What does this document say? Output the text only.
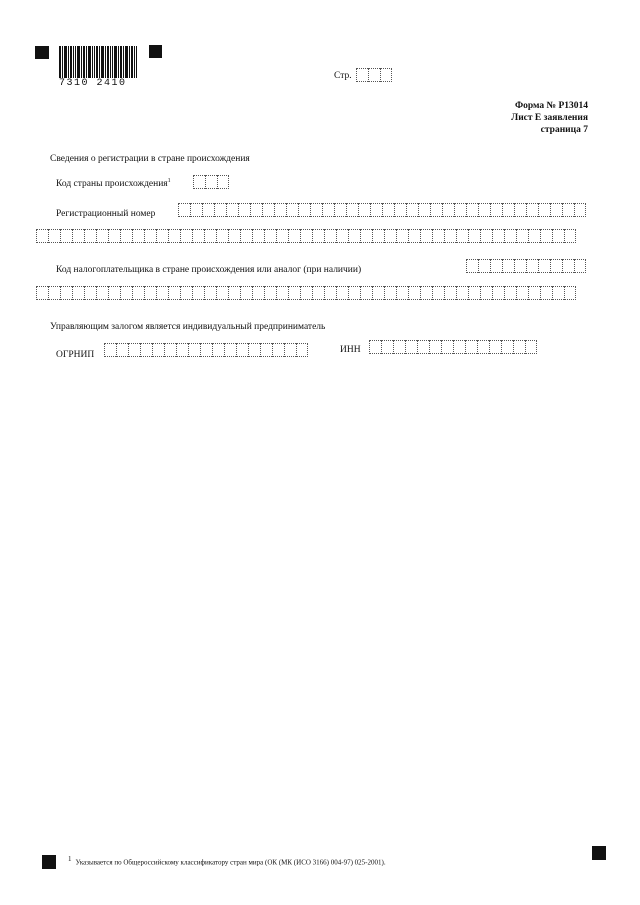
7310 2410
Стр.
Форма № Р13014
Лист Е заявления
страница 7
Сведения о регистрации в стране происхождения
Код страны происхождения$^1$
Регистрационный номер
Код налогоплательщика в стране происхождения или аналог (при наличии)
Управляющим залогом является индивидуальный предприниматель
ОГРНИП	ИНН
1 Указывается по Общероссийскому классификатору стран мира (ОК (МК (ИСО 3166) 004-97) 025-2001).
